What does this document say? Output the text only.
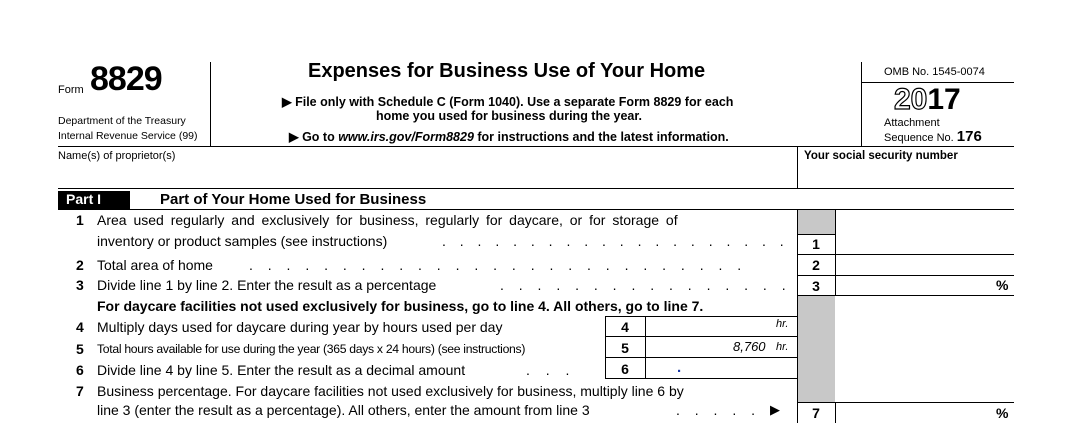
Form 8829
Department of the Treasury
Internal Revenue Service (99)
Expenses for Business Use of Your Home
▶ File only with Schedule C (Form 1040). Use a separate Form 8829 for each
home you used for business during the year.
▶ Go to www.irs.gov/Form8829 for instructions and the latest information.
OMB No. 1545-0074
2017
Attachment
Sequence No. 176
Name(s) of proprietor(s)	Your social security number
Part I	Part of Your Home Used for Business
1 Area used regularly and exclusively for business, regularly for daycare, or for storage of
inventory or product samples (see instructions)	. . . . . . . . . . . . . . . . . . . .	1
2 Total area of home	. . . . . . . . . . . . . . . . . . . . . . . . . . .	2
3 Divide line 1 by line 2. Enter the result as a percentage	. . . . . . . . . . . . . . . .	3	%
For daycare facilities not used exclusively for business, go to line 4. All others, go to line 7.
4 Multiply days used for daycare during year by hours used per day	4	hr.
5 Total hours available for use during the year (365 days x 24 hours) (see instructions)	5	8,760 hr.
6 Divide line 4 by line 5. Enter the result as a decimal amount	. . .	6	.
7 Business percentage. For daycare facilities not used exclusively for business, multiply line 6 by
line 3 (enter the result as a percentage). All others, enter the amount from line 3	. . . . . ▶	7	%
